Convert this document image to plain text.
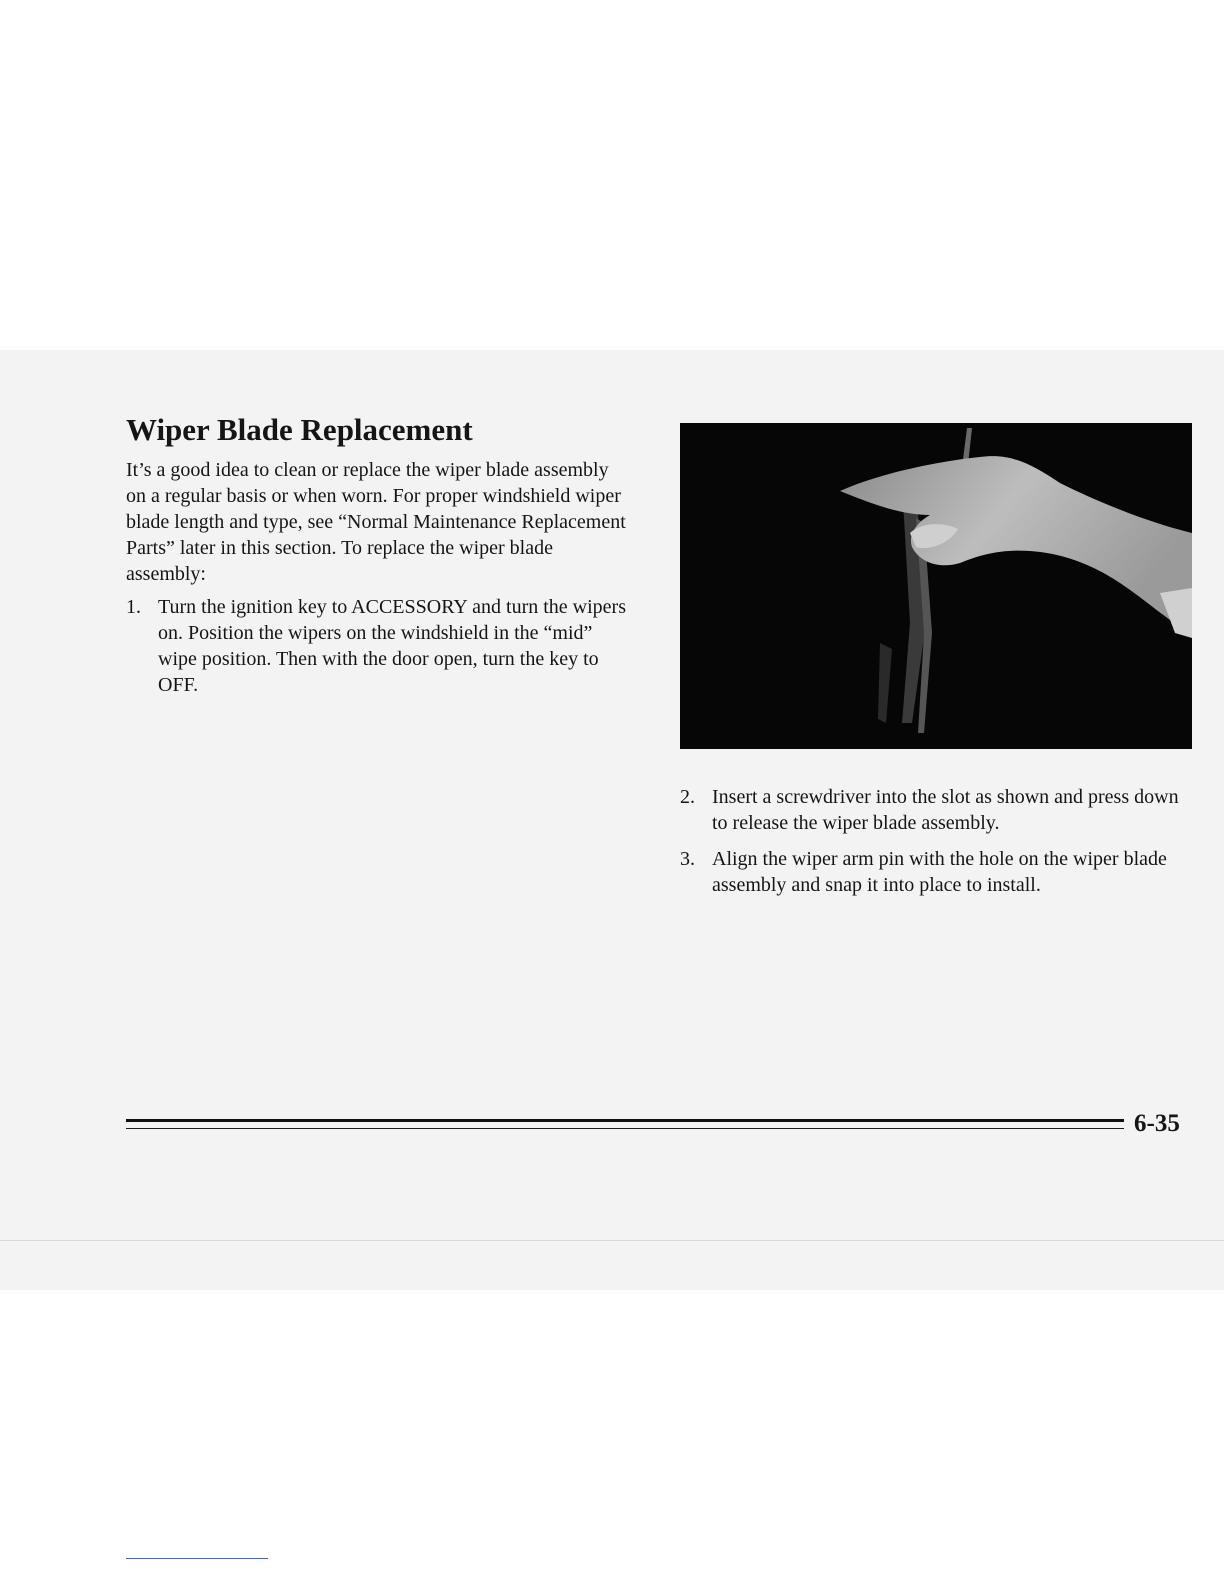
Wiper Blade Replacement

It’s a good idea to clean or replace the wiper blade assembly on a regular basis or when worn. For proper windshield wiper blade length and type, see “Normal Maintenance Replacement Parts” later in this section. To replace the wiper blade assembly:

1. Turn the ignition key to ACCESSORY and turn the wipers on. Position the wipers on the windshield in the “mid” wipe position. Then with the door open, turn the key to OFF.
2. Insert a screwdriver into the slot as shown and press down to release the wiper blade assembly.
3. Align the wiper arm pin with the hole on the wiper blade assembly and snap it into place to install.
6-35
